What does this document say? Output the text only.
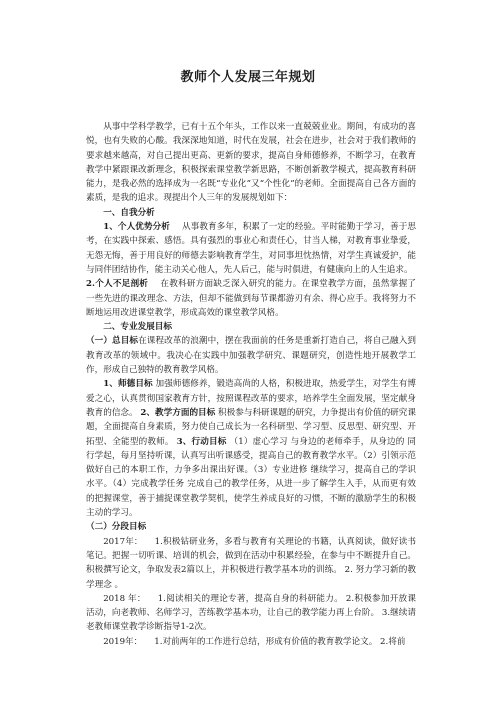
教师个人发展三年规划

从事中学科学教学，已有十五个年头，工作以来一直兢兢业业。期间，有成功的喜悦，也有失败的心酸。我深深地知道，时代在发展，社会在进步，社会对于我们教师的要求越来越高，对自己提出更高、更新的要求，提高自身师德修养，不断学习，在教育教学中紧跟课改新理念，积极探索课堂教学新思路，不断创新教学模式，提高教育科研能力，是我必然的选择成为一名既“专业化”又“个性化”的老师。全面提高自己各方面的素质，是我的追求。现提出个人三年的发展规划如下：

一、自我分析

1、个人优势分析 从事教育多年，积累了一定的经验。平时能勤于学习，善于思考，在实践中探索、感悟。具有强烈的事业心和责任心，甘当人梯，对教育事业挚爱，无怨无悔，善于用良好的师德去影响教育学生，对同事坦忱热情，对学生真诚爱护，能与同伴团结协作，能主动关心他人，先人后己，能与时俱进，有健康向上的人生追求。

2.个人不足剖析 在教科研方面缺乏深入研究的能力。在课堂教学方面，虽然掌握了一些先进的课改理念、方法，但却不能做到每节课都游刃有余、得心应手。我将努力不断地运用改进课堂教学，形成高效的课堂教学风格。

二、专业发展目标

（一）总目标在课程改革的浪潮中，摆在我面前的任务是重新打造自己，将自己融入到教育改革的领域中。我决心在实践中加强教学研究、课题研究，创造性地开展教学工作，形成自己独特的教育教学风格。

1、师德目标 加强师德修养，锻造高尚的人格，积极进取，热爱学生，对学生有博爱之心，认真贯彻国家教育方针，按照课程改革的要求，培养学生全面发展，坚定献身教育的信念。 2、教学方面的目标 积极参与科研课题的研究，力争提出有价值的研究课题，全面提高自身素质，努力使自己成长为一名科研型、学习型、反思型、研究型、开拓型、全能型的教师。 3、行动目标 （1）虚心学习 与身边的老师牵手，从身边的 同行学起，每月坚持听课，认真写出听课感受，提高自己的教育教学水平。（2）引领示范 做好自己的本职工作，力争多出课出好课。（3）专业进修 继续学习，提高自己的学识水平。（4）完成教学任务 完成自己的教学任务，从进一步了解学生入手，从而更有效的把握课堂，善于捕捉课堂教学契机，使学生养成良好的习惯，不断的激励学生的积极主动的学习。

（二）分段目标

2017年： 1.积极钻研业务，多看与教育有关理论的书籍，认真阅读，做好读书笔记。把握一切听课、培训的机会，做到在活动中积累经验，在参与中不断提升自己。积极撰写论文，争取发表2篇以上，并积极进行教学基本功的训练。 2. 努力学习新的教学理念 。

2018 年： 1.阅读相关的理论专著，提高自身的科研能力。 2.积极参加开放课活动，向老教师、名师学习，苦练教学基本功，让自己的教学能力再上台阶。 3.继续请老教师课堂教学诊断指导1-2次。

2019年： 1.对前两年的工作进行总结，形成有价值的教育教学论文。 2.将前
